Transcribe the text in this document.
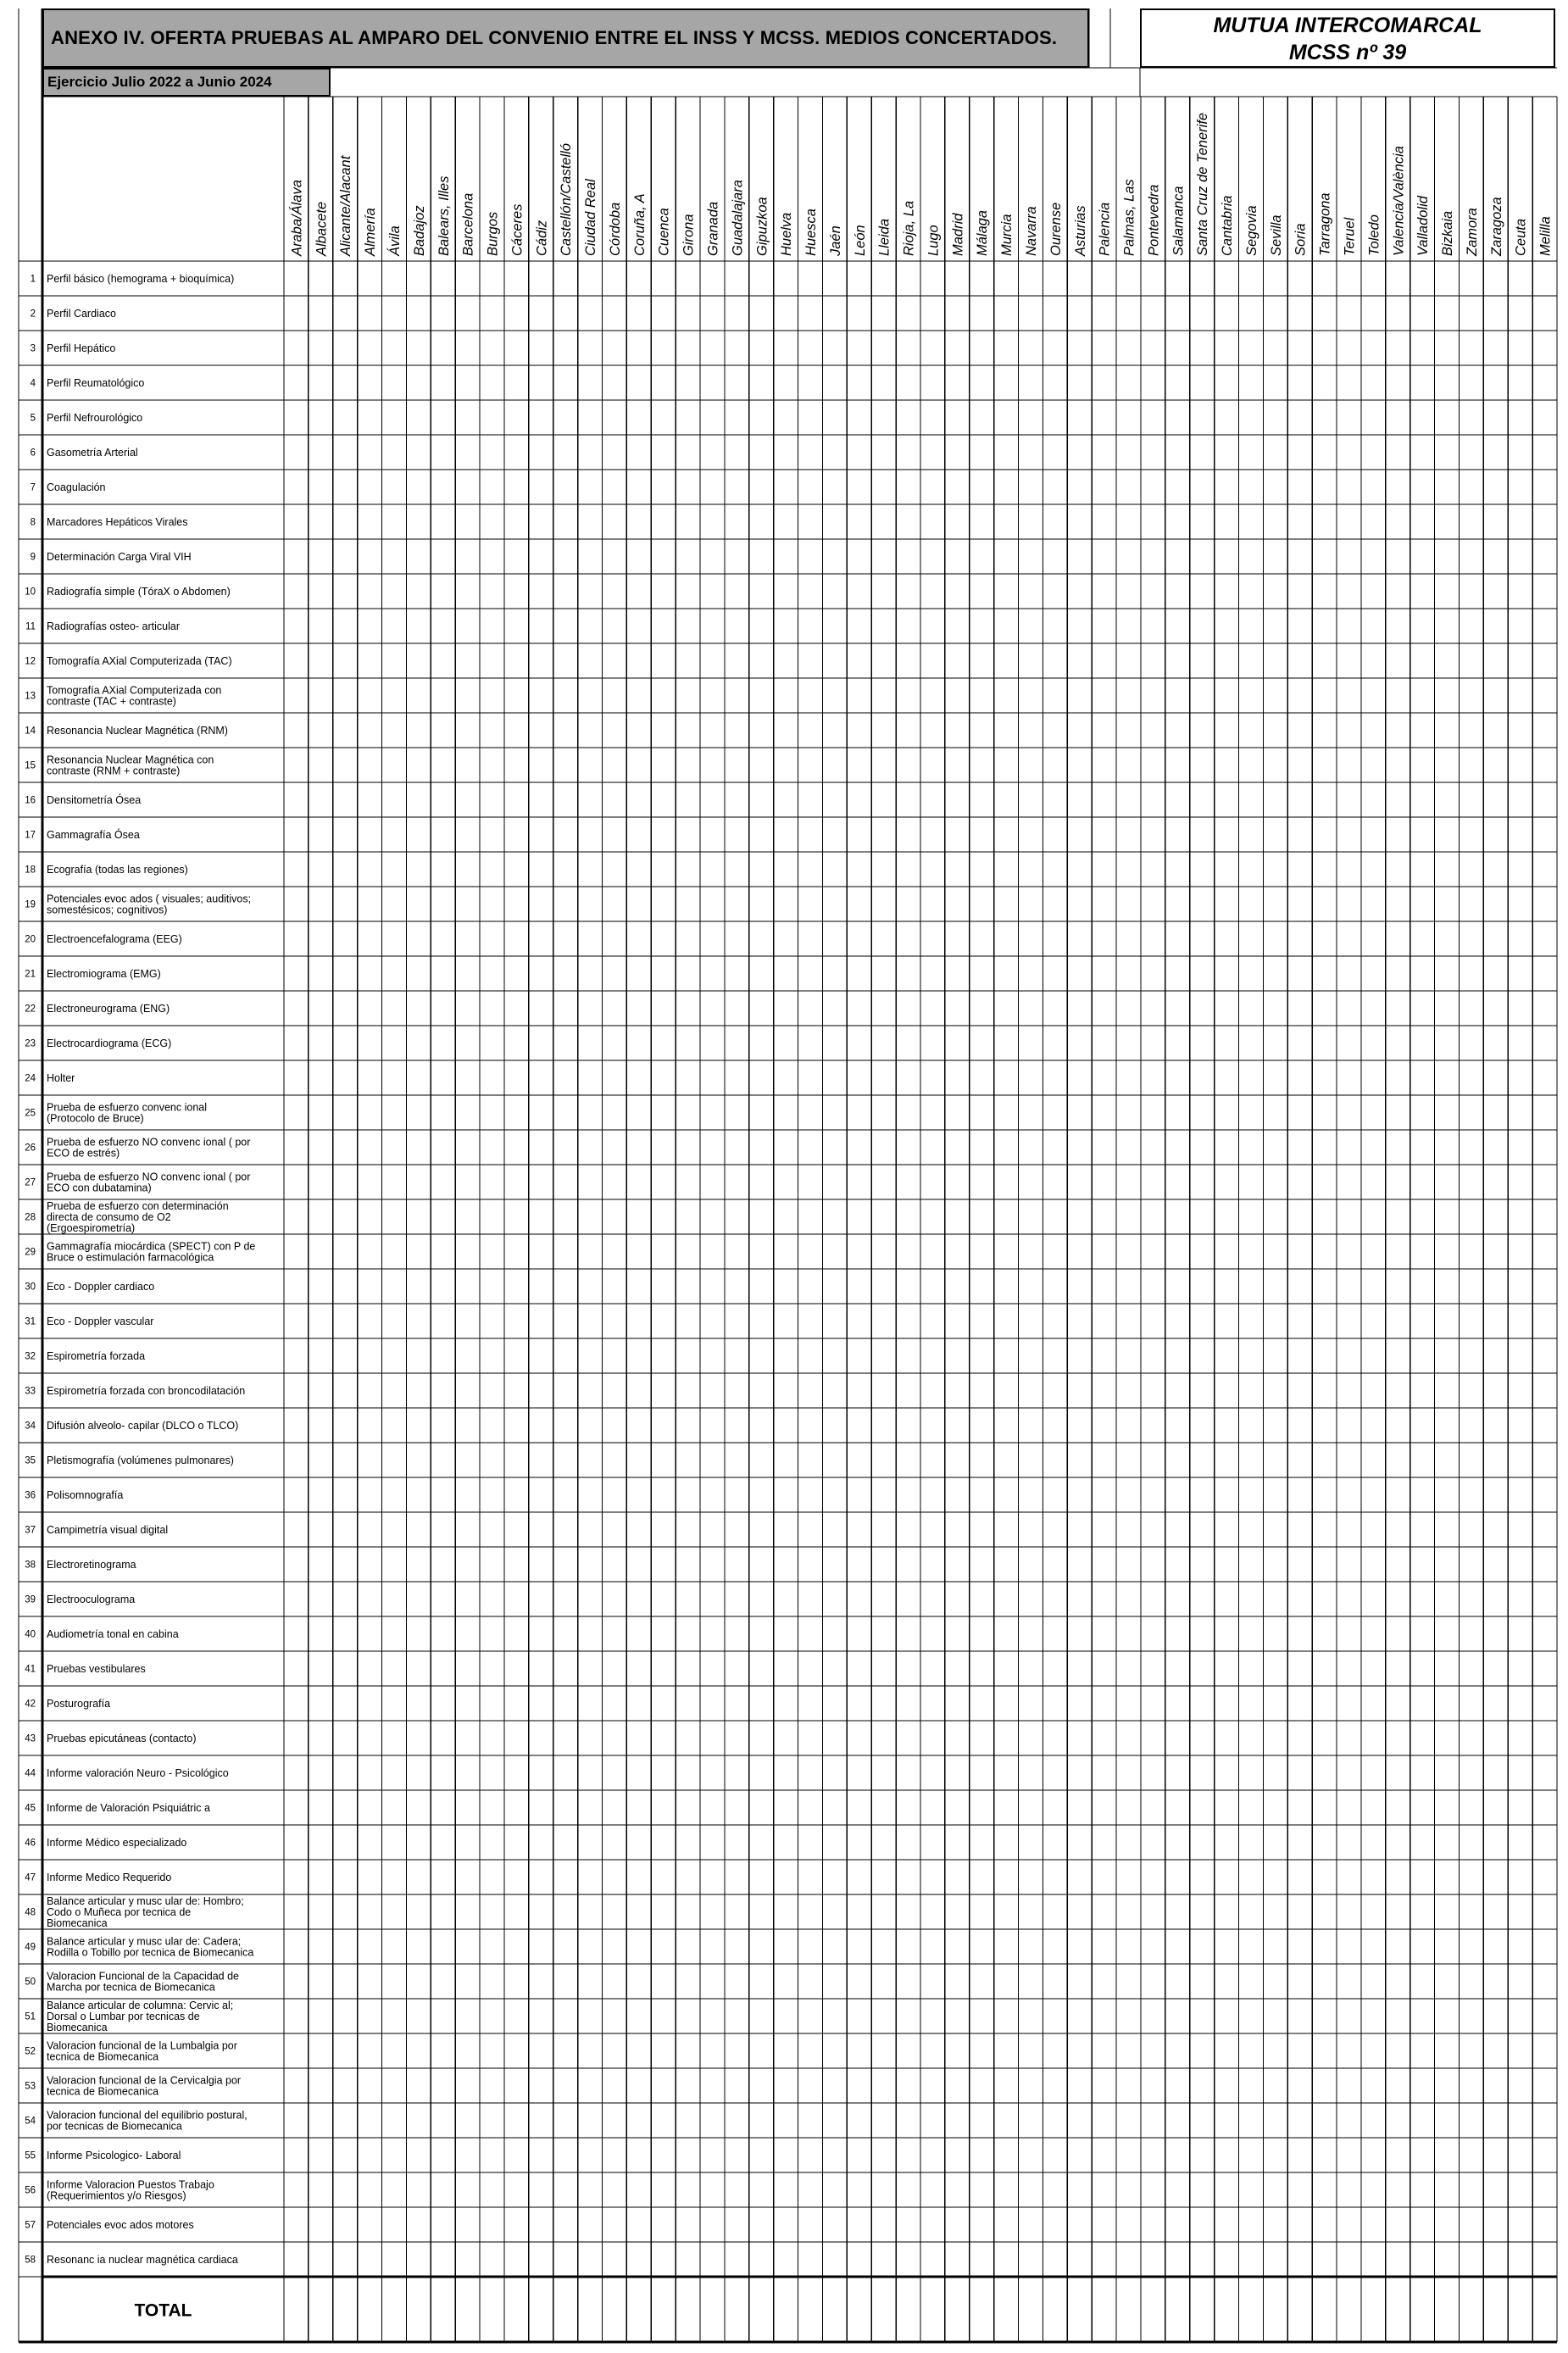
ANEXO IV. OFERTA PRUEBAS AL AMPARO DEL CONVENIO ENTRE EL INSS Y MCSS. MEDIOS CONCERTADOS.
MUTUA INTERCOMARCAL
MCSS nº 39
Ejercicio Julio 2022 a Junio 2024
Araba/Álava Albacete Alicante/Alacant Almería Ávila Badajoz Balears, Illes Barcelona Burgos Cáceres Cádiz Castellón/Castelló Ciudad Real Córdoba Coruña, A Cuenca Girona Granada Guadalajara Gipuzkoa Huelva Huesca Jaén León Lleida Rioja, La Lugo Madrid Málaga Murcia Navarra Ourense Asturias Palencia Palmas, Las Pontevedra Salamanca Santa Cruz de Tenerife Cantabria Segovia Sevilla Soria Tarragona Teruel Toledo Valencia/València Valladolid Bizkaia Zamora Zaragoza Ceuta Melilla
1 Perfil básico (hemograma + bioquímica)
2 Perfil Cardiaco
3 Perfil Hepático
4 Perfil Reumatológico
5 Perfil Nefrourológico
6 Gasometría Arterial
7 Coagulación
8 Marcadores Hepáticos Virales
9 Determinación Carga Viral VIH
10 Radiografía simple (TóraX o Abdomen)
11 Radiografías osteo- articular
12 Tomografía AXial Computerizada (TAC)
13
Tomografía AXial Computerizada con
contraste (TAC + contraste)
14 Resonancia Nuclear Magnética (RNM)
15
Resonancia Nuclear Magnética con
contraste (RNM + contraste)
16 Densitometría Ósea
17 Gammagrafía Ósea
18 Ecografía (todas las regiones)
19
Potenciales evoc ados ( visuales; auditivos;
somestésicos; cognitivos)
20 Electroencefalograma (EEG)
21 Electromiograma (EMG)
22 Electroneurograma (ENG)
23 Electrocardiograma (ECG)
24 Holter
25
Prueba de esfuerzo convenc ional
(Protocolo de Bruce)
26
Prueba de esfuerzo NO convenc ional ( por
ECO de estrés)
27
Prueba de esfuerzo NO convenc ional ( por
ECO con dubatamina)
28
Prueba de esfuerzo con determinación
directa de consumo de O2
(Ergoespirometría)
29
Gammagrafía miocárdica (SPECT) con P de
Bruce o estimulación farmacológica
30 Eco - Doppler cardiaco
31 Eco - Doppler vascular
32 Espirometría forzada
33 Espirometría forzada con broncodilatación
34 Difusión alveolo- capilar (DLCO o TLCO)
35 Pletismografía (volúmenes pulmonares)
36 Polisomnografía
37 Campimetría visual digital
38 Electroretinograma
39 Electrooculograma
40 Audiometría tonal en cabina
41 Pruebas vestibulares
42 Posturografía
43 Pruebas epicutáneas (contacto)
44 Informe valoración Neuro - Psicológico
45 Informe de Valoración Psiquiátric a
46 Informe Médico especializado
47 Informe Medico Requerido
48
Balance articular y musc ular de: Hombro;
Codo o Muñeca por tecnica de
Biomecanica
49
Balance articular y musc ular de: Cadera;
Rodilla o Tobillo por tecnica de Biomecanica
50
Valoracion Funcional de la Capacidad de
Marcha por tecnica de Biomecanica
51
Balance articular de columna: Cervic al;
Dorsal o Lumbar por tecnicas de
Biomecanica
52
Valoracion funcional de la Lumbalgia por
tecnica de Biomecanica
53
Valoracion funcional de la Cervicalgia por
tecnica de Biomecanica
54
Valoracion funcional del equilibrio postural,
por tecnicas de Biomecanica
55 Informe Psicologico- Laboral
56
Informe Valoracion Puestos Trabajo
(Requerimientos y/o Riesgos)
57 Potenciales evoc ados motores
58 Resonanc ia nuclear magnética cardiaca
TOTAL
